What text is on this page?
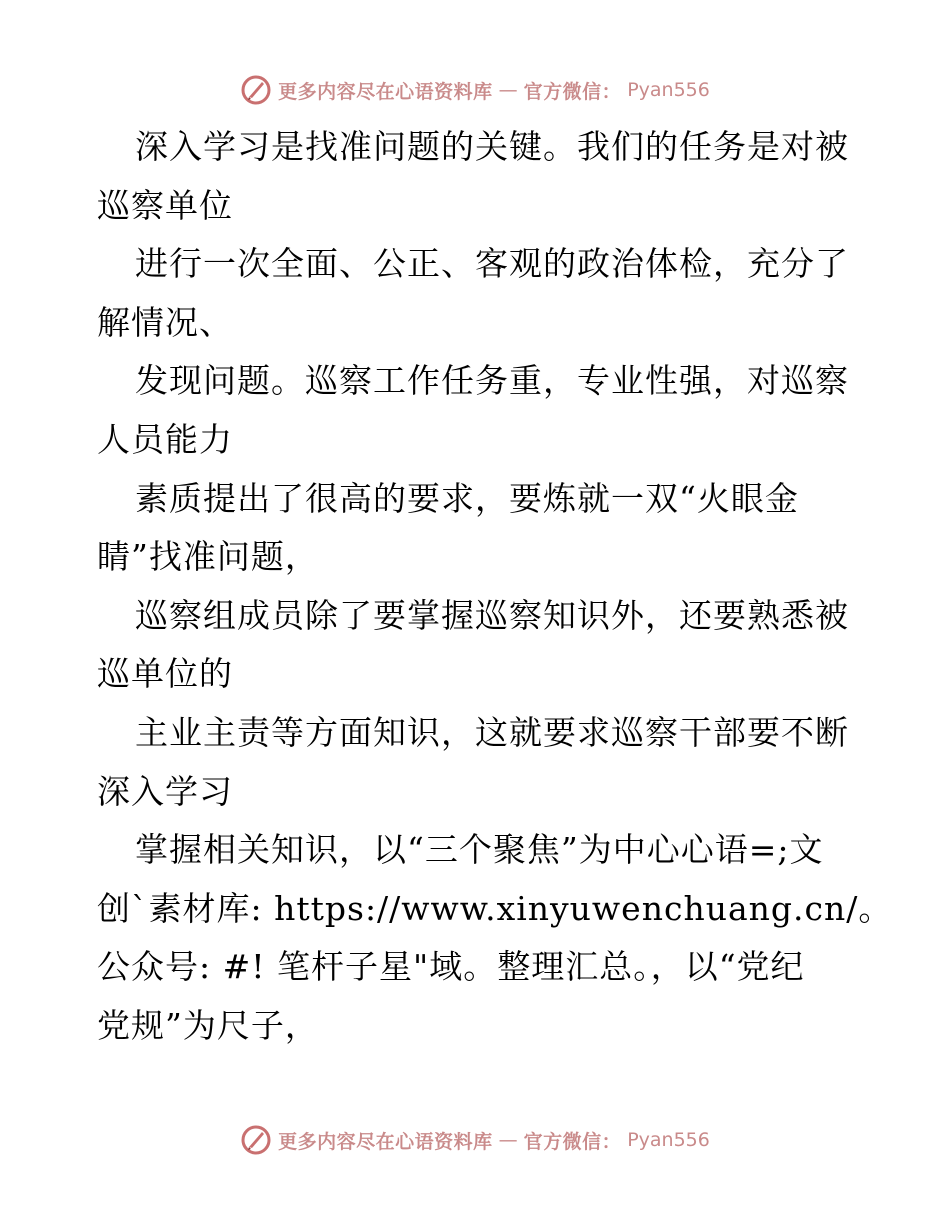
更多内容尽在心语资料库 — 官方微信： Pyan556
深入学习是找准问题的关键。我们的任务是对被
巡察单位
进行一次全面、公正、客观的政治体检，充分了
解情况、
发现问题。巡察工作任务重，专业性强，对巡察
人员能力
素质提出了很高的要求，要炼就一双“火眼金
睛”找准问题，
巡察组成员除了要掌握巡察知识外，还要熟悉被
巡单位的
主业主责等方面知识，这就要求巡察干部要不断
深入学习
掌握相关知识，以“三个聚焦”为中心心语=;文
创`素材库: https://www.xinyuwenchuang.cn/。
公众号: #! 笔杆子星"域。整理汇总。，以“党纪
党规”为尺子，
更多内容尽在心语资料库 — 官方微信： Pyan556
